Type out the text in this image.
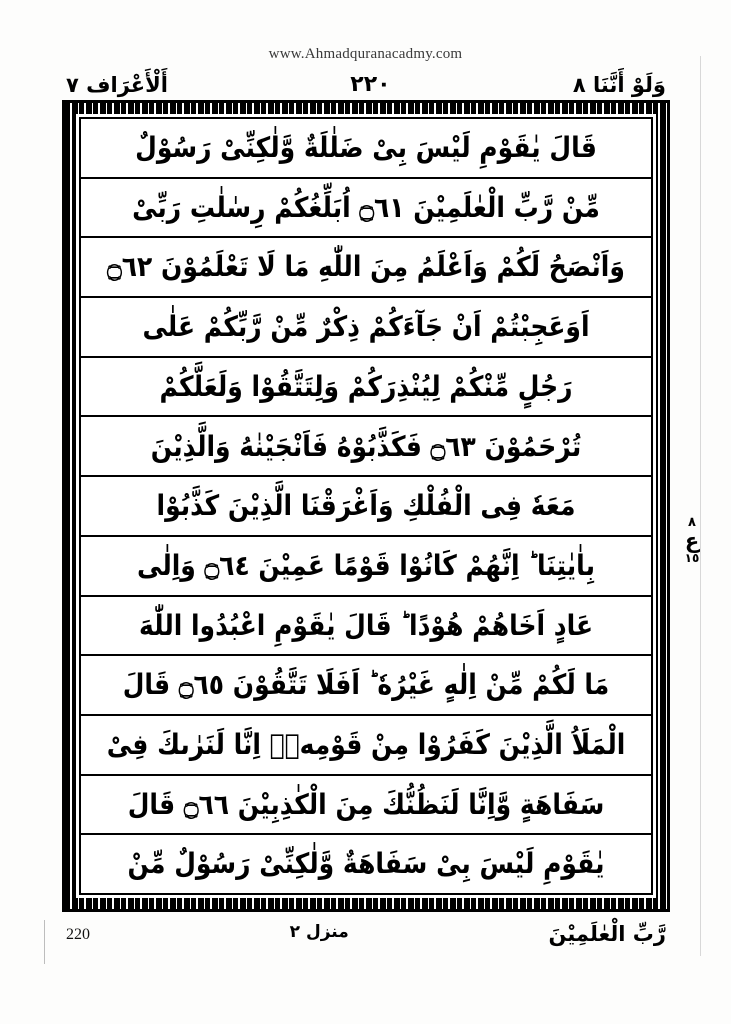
www.Ahmadquranacadmy.com
وَلَوْ أَنَّنَا ٨
٢٢٠
أَلْأَعْرَاف ٧
قَالَ يٰقَوْمِ لَيْسَ بِىْ ضَلٰلَةٌ وَّلٰكِنِّىْ رَسُوْلٌ
مِّنْ رَّبِّ الْعٰلَمِيْنَ ۝٦١ اُبَلِّغُكُمْ رِسٰلٰتِ رَبِّىْ
وَاَنْصَحُ لَكُمْ وَاَعْلَمُ مِنَ اللّٰهِ مَا لَا تَعْلَمُوْنَ ۝٦٢
اَوَعَجِبْتُمْ اَنْ جَآءَكُمْ ذِكْرٌ مِّنْ رَّبِّكُمْ عَلٰى
رَجُلٍ مِّنْكُمْ لِيُنْذِرَكُمْ وَلِتَتَّقُوْا وَلَعَلَّكُمْ
تُرْحَمُوْنَ ۝٦٣ فَكَذَّبُوْهُ فَاَنْجَيْنٰهُ وَالَّذِيْنَ
مَعَهٗ فِى الْفُلْكِ وَاَغْرَقْنَا الَّذِيْنَ كَذَّبُوْا
بِاٰيٰتِنَا ؕ اِنَّهُمْ كَانُوْا قَوْمًا عَمِيْنَ ۝٦٤ وَاِلٰى
عَادٍ اَخَاهُمْ هُوْدًا ؕ قَالَ يٰقَوْمِ اعْبُدُوا اللّٰهَ
مَا لَكُمْ مِّنْ اِلٰهٍ غَيْرُهٗ ؕ اَفَلَا تَتَّقُوْنَ ۝٦٥ قَالَ
الْمَلَاُ الَّذِيْنَ كَفَرُوْا مِنْ قَوْمِهٖۤ اِنَّا لَنَرٰىكَ فِىْ
سَفَاهَةٍ وَّاِنَّا لَنَظُنُّكَ مِنَ الْكٰذِبِيْنَ ۝٦٦ قَالَ
يٰقَوْمِ لَيْسَ بِىْ سَفَاهَةٌ وَّلٰكِنِّىْ رَسُوْلٌ مِّنْ
٨
ع
١٥
رَّبِّ الْعٰلَمِيْنَ
منزل ٢
220
